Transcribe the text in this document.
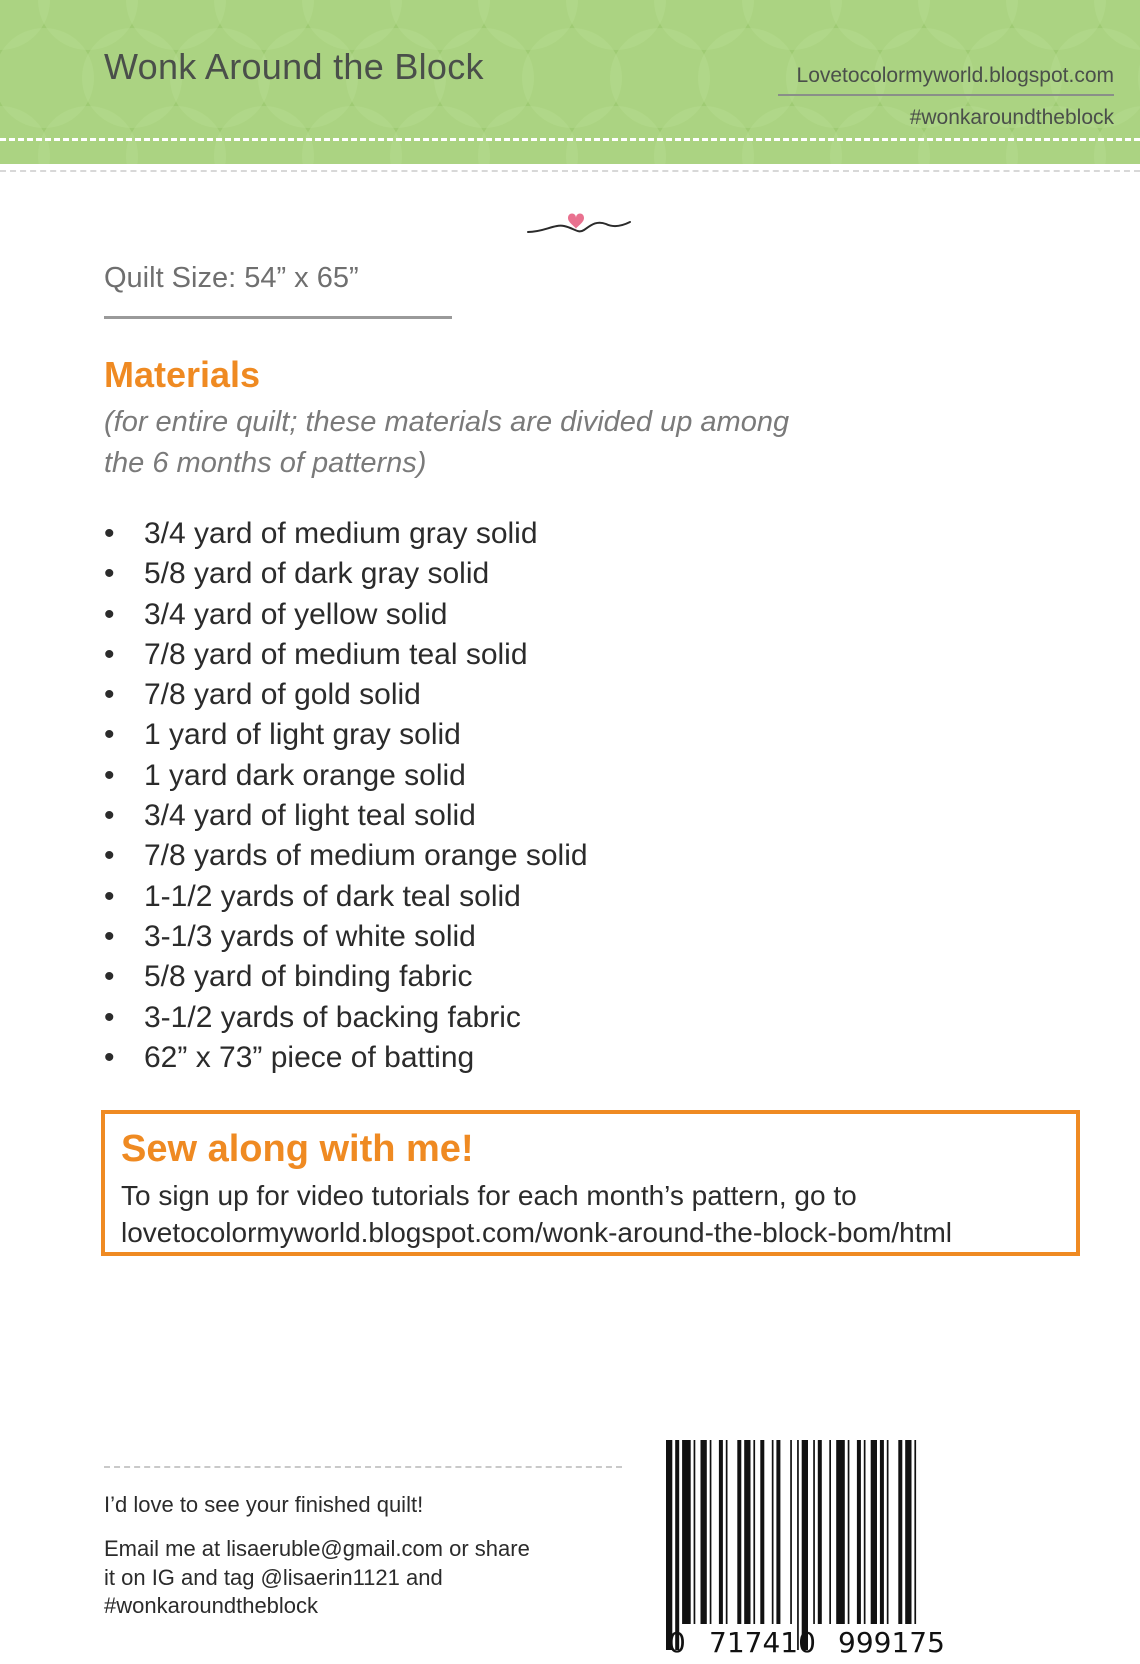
Wonk Around the Block	Lovetocolormyworld.blogspot.com
#wonkaroundtheblock
Quilt Size: 54” x 65”
Materials
(for entire quilt; these materials are divided up among the 6 months of patterns)
• 3/4 yard of medium gray solid
• 5/8 yard of dark gray solid
• 3/4 yard of yellow solid
• 7/8 yard of medium teal solid
• 7/8 yard of gold solid
• 1 yard of light gray solid
• 1 yard dark orange solid
• 3/4 yard of light teal solid
• 7/8 yards of medium orange solid
• 1-1/2 yards of dark teal solid
• 3-1/3 yards of white solid
• 5/8 yard of binding fabric
• 3-1/2 yards of backing fabric
• 62” x 73” piece of batting
Sew along with me!
To sign up for video tutorials for each month’s pattern, go to
lovetocolormyworld.blogspot.com/wonk-around-the-block-bom/html
I’d love to see your finished quilt!
Email me at lisaeruble@gmail.com or share it on IG and tag @lisaerin1121 and #wonkaroundtheblock
0 717410 999175
